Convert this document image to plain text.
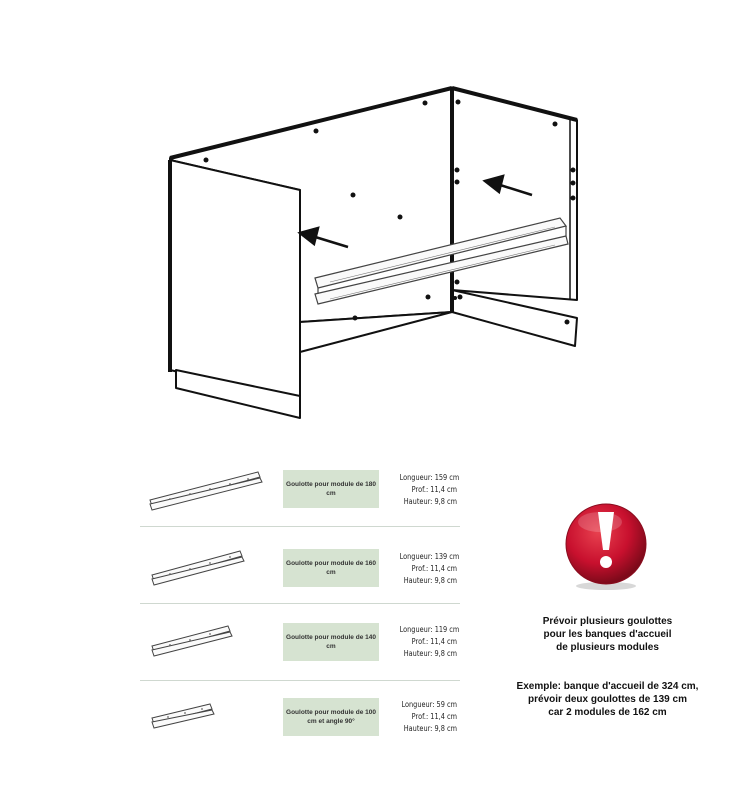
Goulotte pour module de 180 cm
Longueur: 159 cm
Prof.: 11,4 cm
Hauteur: 9,8 cm
Goulotte pour module de 160 cm
Longueur: 139 cm
Prof.: 11,4 cm
Hauteur: 9,8 cm
Goulotte pour module de 140 cm
Longueur: 119 cm
Prof.: 11,4 cm
Hauteur: 9,8 cm
Goulotte pour module de 100 cm et angle 90°
Longueur: 59 cm
Prof.: 11,4 cm
Hauteur: 9,8 cm
Prévoir plusieurs goulottes
pour les banques d'accueil
de plusieurs modules
Exemple: banque d'accueil de 324 cm,
prévoir deux goulottes de 139 cm
car 2 modules de 162 cm
